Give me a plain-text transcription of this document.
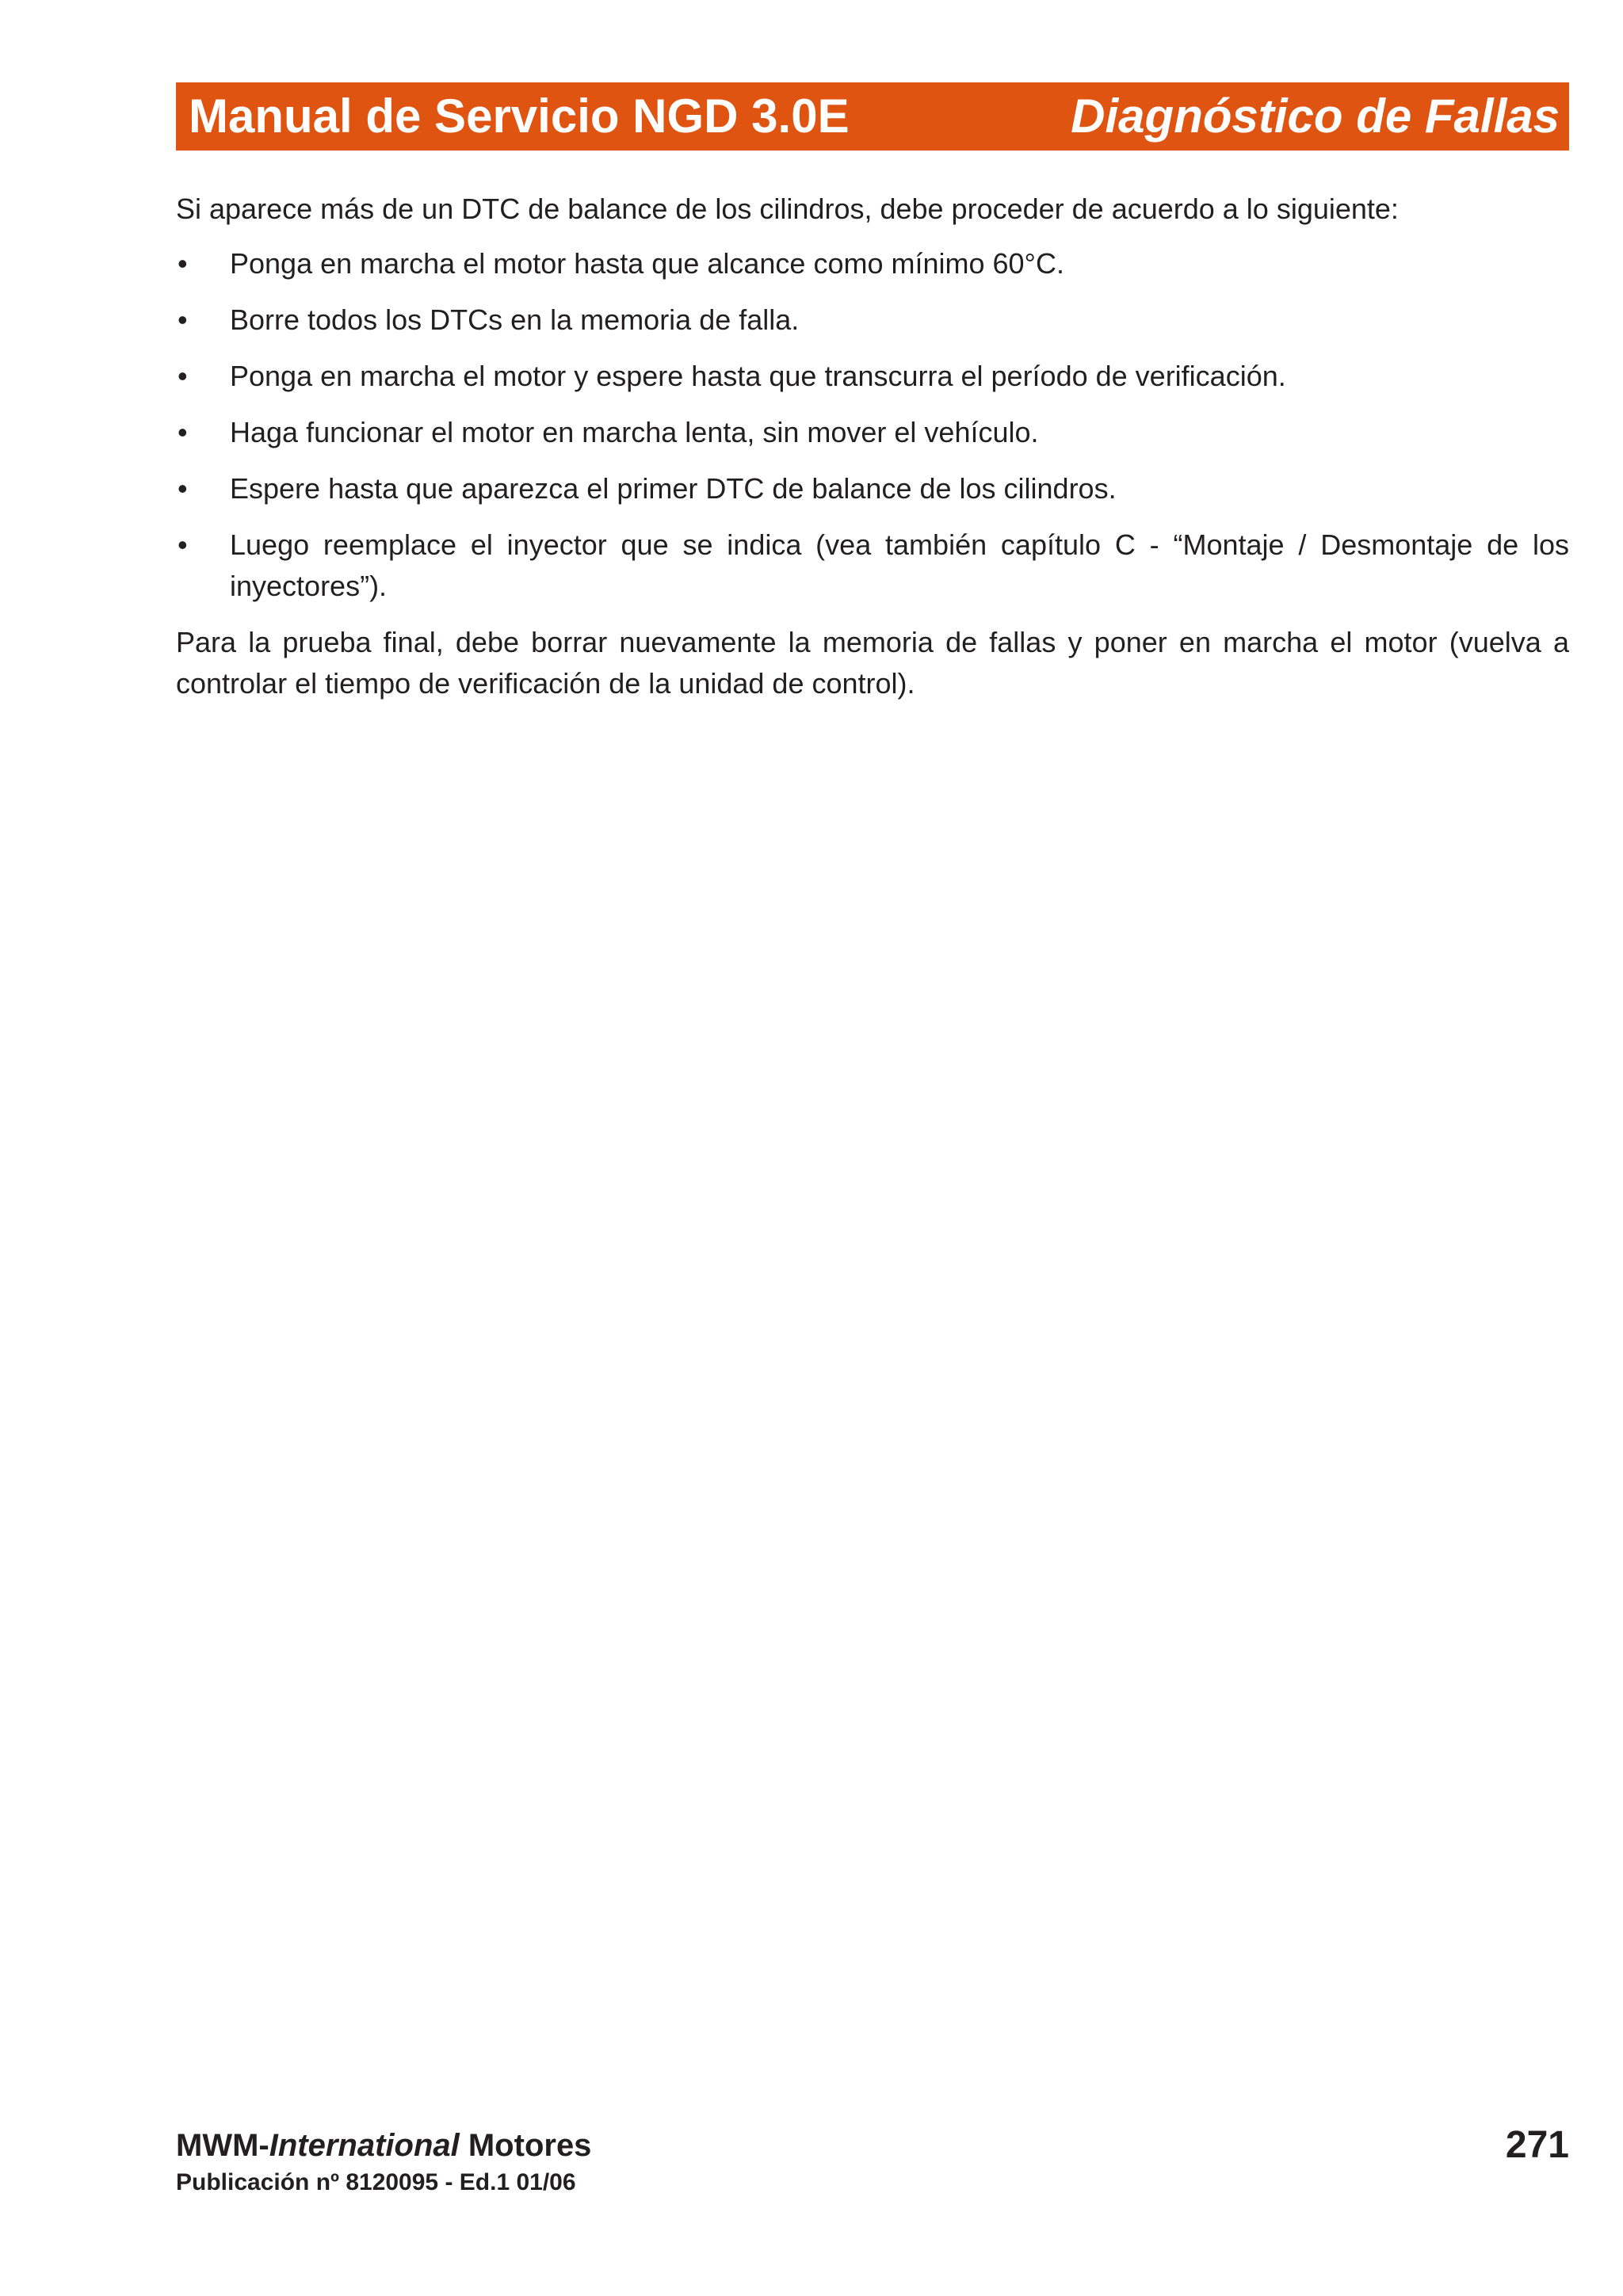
Manual de Servicio NGD 3.0E	Diagnóstico de Fallas

Si aparece más de un DTC de balance de los cilindros, debe proceder de acuerdo a lo siguiente:

• Ponga en marcha el motor hasta que alcance como mínimo 60°C.
• Borre todos los DTCs en la memoria de falla.
• Ponga en marcha el motor y espere hasta que transcurra el período de verificación.
• Haga funcionar el motor en marcha lenta, sin mover el vehículo.
• Espere hasta que aparezca el primer DTC de balance de los cilindros.
• Luego reemplace el inyector que se indica (vea también capítulo C - “Montaje / Desmontaje de los inyectores”).

Para la prueba final, debe borrar nuevamente la memoria de fallas y poner en marcha el motor (vuelva a controlar el tiempo de verificación de la unidad de control).

MWM-International Motores
Publicación nº 8120095 - Ed.1 01/06
271
